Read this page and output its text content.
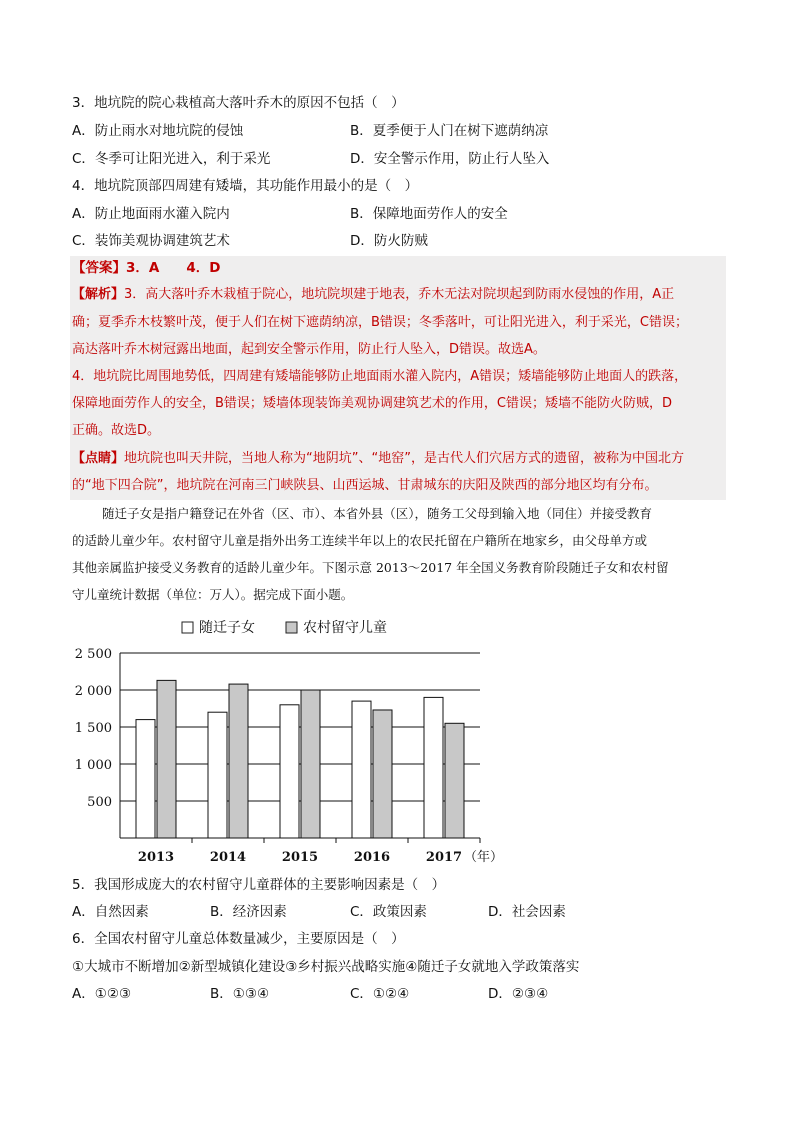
3．地坑院的院心栽植高大落叶乔木的原因不包括（　）
A．防止雨水对地坑院的侵蚀	B．夏季便于人门在树下遮荫纳凉
C．冬季可让阳光进入，利于采光	D．安全警示作用，防止行人坠入
4．地坑院顶部四周建有矮墙，其功能作用最小的是（　）
A．防止地面雨水灌入院内	B．保障地面劳作人的安全
C．装饰美观协调建筑艺术	D．防火防贼
【答案】3．A　　4．D
【解析】3．高大落叶乔木栽植于院心，地坑院坝建于地表，乔木无法对院坝起到防雨水侵蚀的作用，A正
确；夏季乔木枝繁叶茂，便于人们在树下遮荫纳凉，B错误；冬季落叶，可让阳光进入，利于采光，C错误；
高达落叶乔木树冠露出地面，起到安全警示作用，防止行人坠入，D错误。故选A。
4．地坑院比周围地势低，四周建有矮墙能够防止地面雨水灌入院内，A错误；矮墙能够防止地面人的跌落，
保障地面劳作人的安全，B错误；矮墙体现装饰美观协调建筑艺术的作用，C错误；矮墙不能防火防贼，D
正确。故选D。
【点睛】地坑院也叫天井院，当地人称为“地阴坑”、“地窑”，是古代人们穴居方式的遗留，被称为中国北方
的“地下四合院”，地坑院在河南三门峡陕县、山西运城、甘肃城东的庆阳及陕西的部分地区均有分布。
随迁子女是指户籍登记在外省（区、市）、本省外县（区），随务工父母到输入地（同住）并接受教育
的适龄儿童少年。农村留守儿童是指外出务工连续半年以上的农民托留在户籍所在地家乡，由父母单方或
其他亲属监护接受义务教育的适龄儿童少年。下图示意 2013～2017 年全国义务教育阶段随迁子女和农村留
守儿童统计数据（单位：万人）。据完成下面小题。
随迁子女	农村留守儿童
500
1 000
1 500
2 000
2 500
2013	2014	2015	2016	2017 （年）
5．我国形成庞大的农村留守儿童群体的主要影响因素是（　）
A．自然因素	B．经济因素	C．政策因素	D．社会因素
6．全国农村留守儿童总体数量减少，主要原因是（　）
①大城市不断增加②新型城镇化建设③乡村振兴战略实施④随迁子女就地入学政策落实
A．①②③	B．①③④	C．①②④	D．②③④
